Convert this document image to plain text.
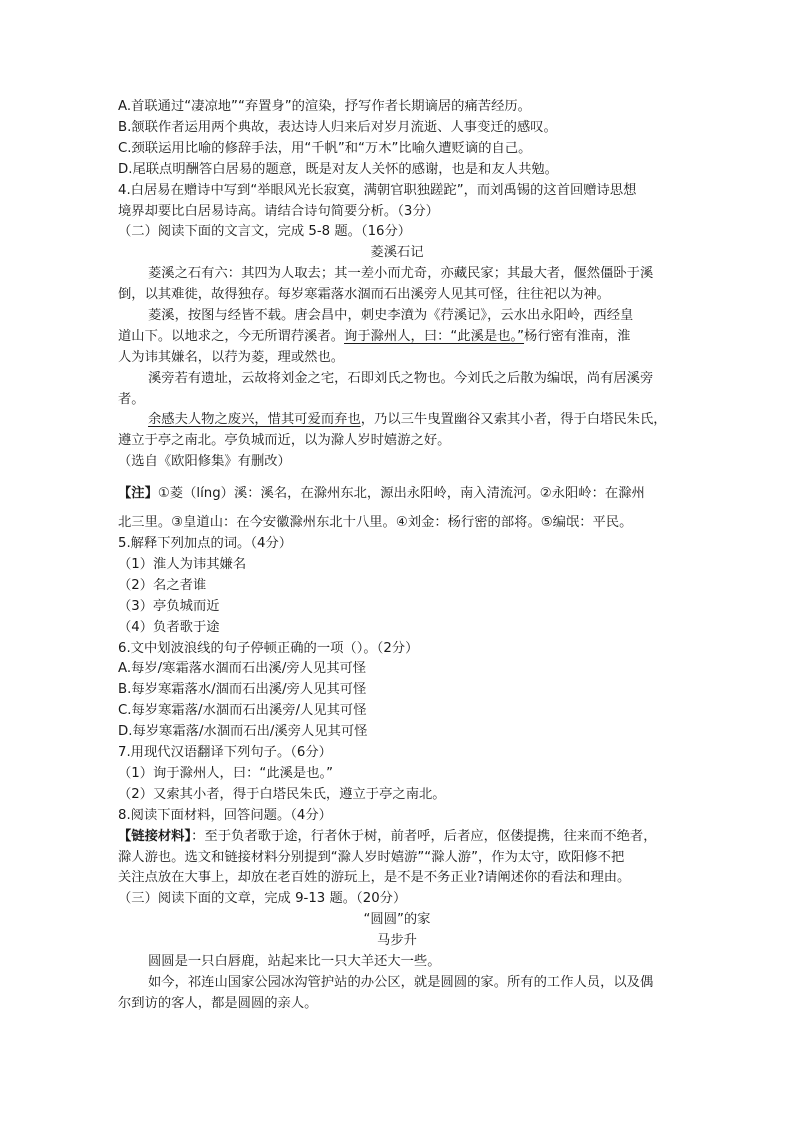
A.首联通过“凄凉地”“弃置身”的渲染，抒写作者长期谪居的痛苦经历。
B.颔联作者运用两个典故，表达诗人归来后对岁月流逝、人事变迁的感叹。
C.颈联运用比喻的修辞手法，用“千帆”和“万木”比喻久遭贬谪的自己。
D.尾联点明酬答白居易的题意，既是对友人关怀的感谢，也是和友人共勉。
4.白居易在赠诗中写到“举眼风光长寂寞，满朝官职独蹉跎”，而刘禹锡的这首回赠诗思想
境界却要比白居易诗高。请结合诗句简要分析。（3分）
（二）阅读下面的文言文，完成 5-8 题。（16分）
菱溪石记
菱溪之石有六：其四为人取去；其一差小而尤奇，亦藏民家；其最大者，偃然僵卧于溪
倒，以其难徙，故得独存。每岁寒霜落水涸而石出溪旁人见其可怪，往往祀以为神。
菱溪，按图与经皆不载。唐会昌中，刺史李濆为《荇溪记》，云水出永阳岭，西经皇
道山下。以地求之，今无所谓荇溪者。询于滁州人，曰：“此溪是也。”杨行密有淮南，淮
人为讳其嫌名，以荇为菱，理或然也。
溪旁若有遗址，云故将刘金之宅，石即刘氏之物也。今刘氏之后散为编氓，尚有居溪旁
者。
余感夫人物之废兴，惜其可爱而弃也，乃以三牛曳置幽谷又索其小者，得于白塔民朱氏，
遵立于亭之南北。亭负城而近，以为滁人岁时嬉游之好。
（选自《欧阳修集》有删改）
【注】①菱（líng）溪：溪名，在滁州东北，源出永阳岭，南入清流河。②永阳岭：在滁州
北三里。③皇道山：在今安徽滁州东北十八里。④刘金：杨行密的部将。⑤编氓：平民。
5.解释下列加点的词。（4分）
（1）淮人为讳其嫌名
（2）名之者谁
（3）亭负城而近
（4）负者歌于途
6.文中划波浪线的句子停顿正确的一项（）。（2分）
A.每岁/寒霜落水涸而石出溪/旁人见其可怪
B.每岁寒霜落水/涸而石出溪/旁人见其可怪
C.每岁寒霜落/水涸而石出溪旁/人见其可怪
D.每岁寒霜落/水涸而石出/溪旁人见其可怪
7.用现代汉语翻译下列句子。（6分）
（1）询于滁州人，曰：“此溪是也。”
（2）又索其小者，得于白塔民朱氏，遵立于亭之南北。
8.阅读下面材料，回答问题。（4分）
【链接材料】：至于负者歌于途，行者休于树，前者呼，后者应，伛偻提携，往来而不绝者，
滁人游也。选文和链接材料分别提到“滁人岁时嬉游”“滁人游”，作为太守，欧阳修不把
关注点放在大事上，却放在老百姓的游玩上，是不是不务正业?请阐述你的看法和理由。
（三）阅读下面的文章，完成 9-13 题。（20分）
“圆圆”的家
马步升
圆圆是一只白唇鹿，站起来比一只大羊还大一些。
如今，祁连山国家公园冰沟管护站的办公区，就是圆圆的家。所有的工作人员，以及偶
尔到访的客人，都是圆圆的亲人。
